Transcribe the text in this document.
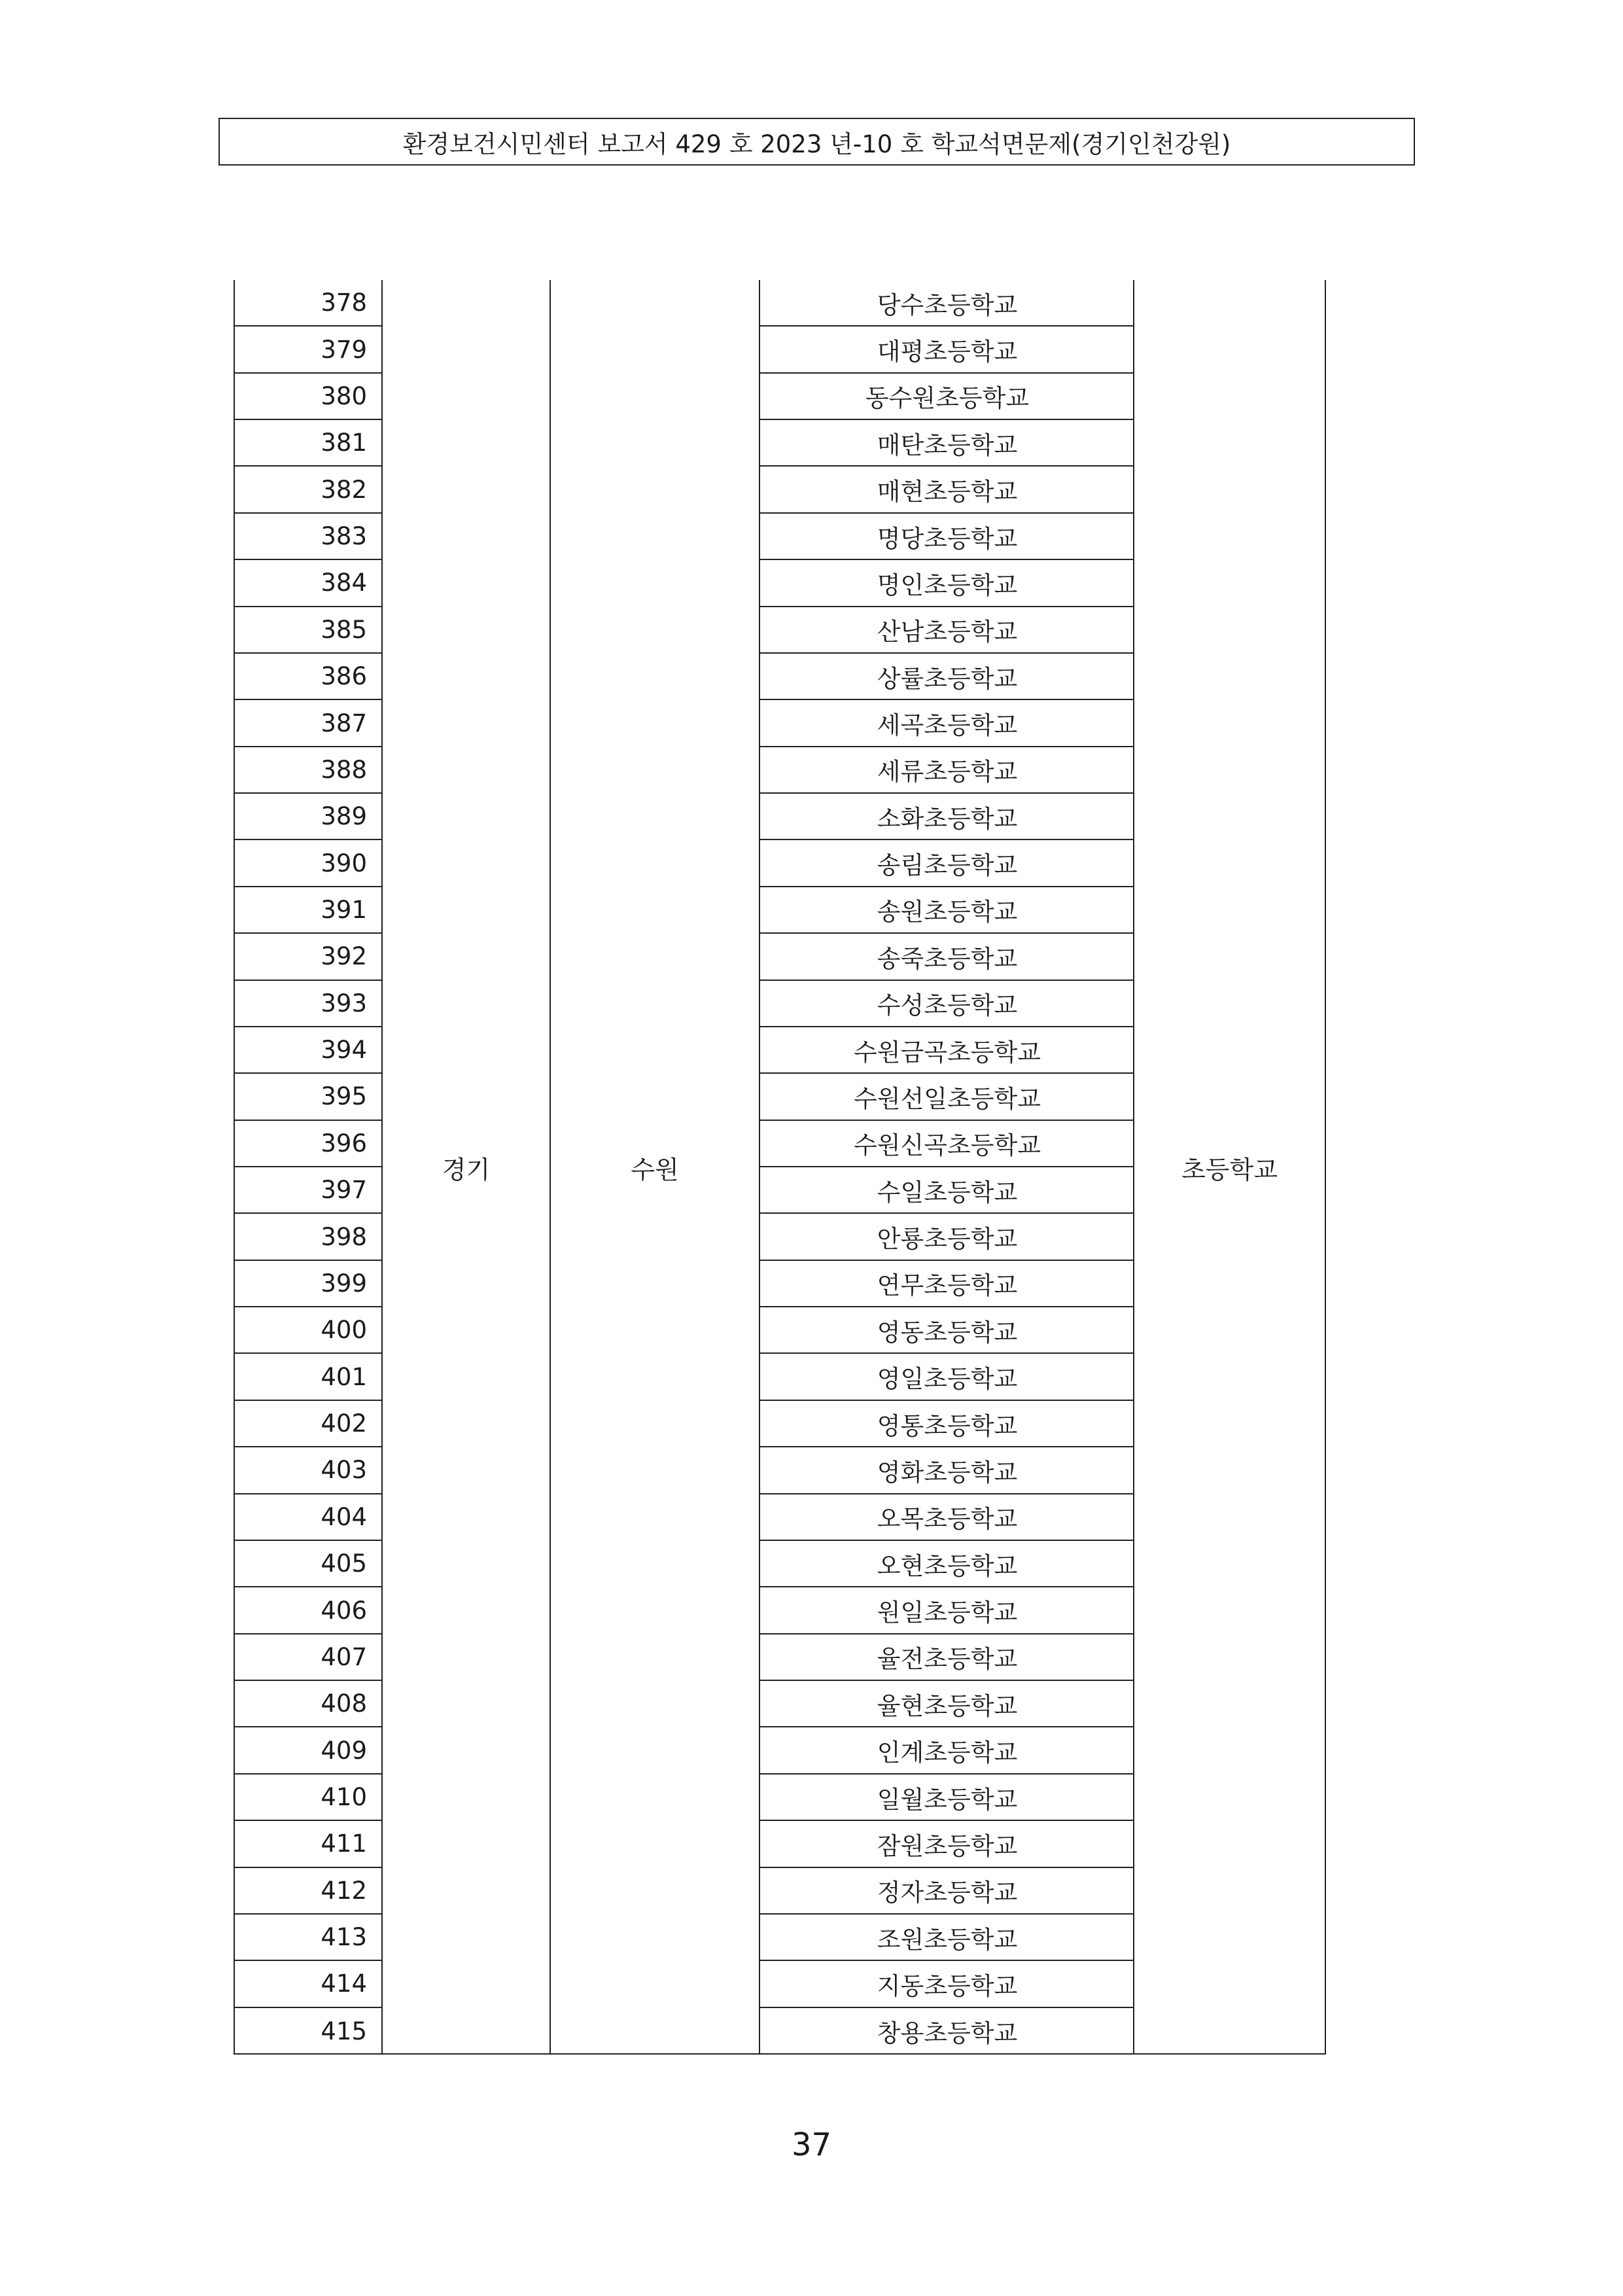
환경보건시민센터 보고서 429 호 2023 년-10 호 학교석면문제(경기인천강원)
경기	수원	초등학교
378	당수초등학교
379	대평초등학교
380	동수원초등학교
381	매탄초등학교
382	매현초등학교
383	명당초등학교
384	명인초등학교
385	산남초등학교
386	상률초등학교
387	세곡초등학교
388	세류초등학교
389	소화초등학교
390	송림초등학교
391	송원초등학교
392	송죽초등학교
393	수성초등학교
394	수원금곡초등학교
395	수원선일초등학교
396	수원신곡초등학교
397	수일초등학교
398	안룡초등학교
399	연무초등학교
400	영동초등학교
401	영일초등학교
402	영통초등학교
403	영화초등학교
404	오목초등학교
405	오현초등학교
406	원일초등학교
407	율전초등학교
408	율현초등학교
409	인계초등학교
410	일월초등학교
411	잠원초등학교
412	정자초등학교
413	조원초등학교
414	지동초등학교
415	창용초등학교
37
